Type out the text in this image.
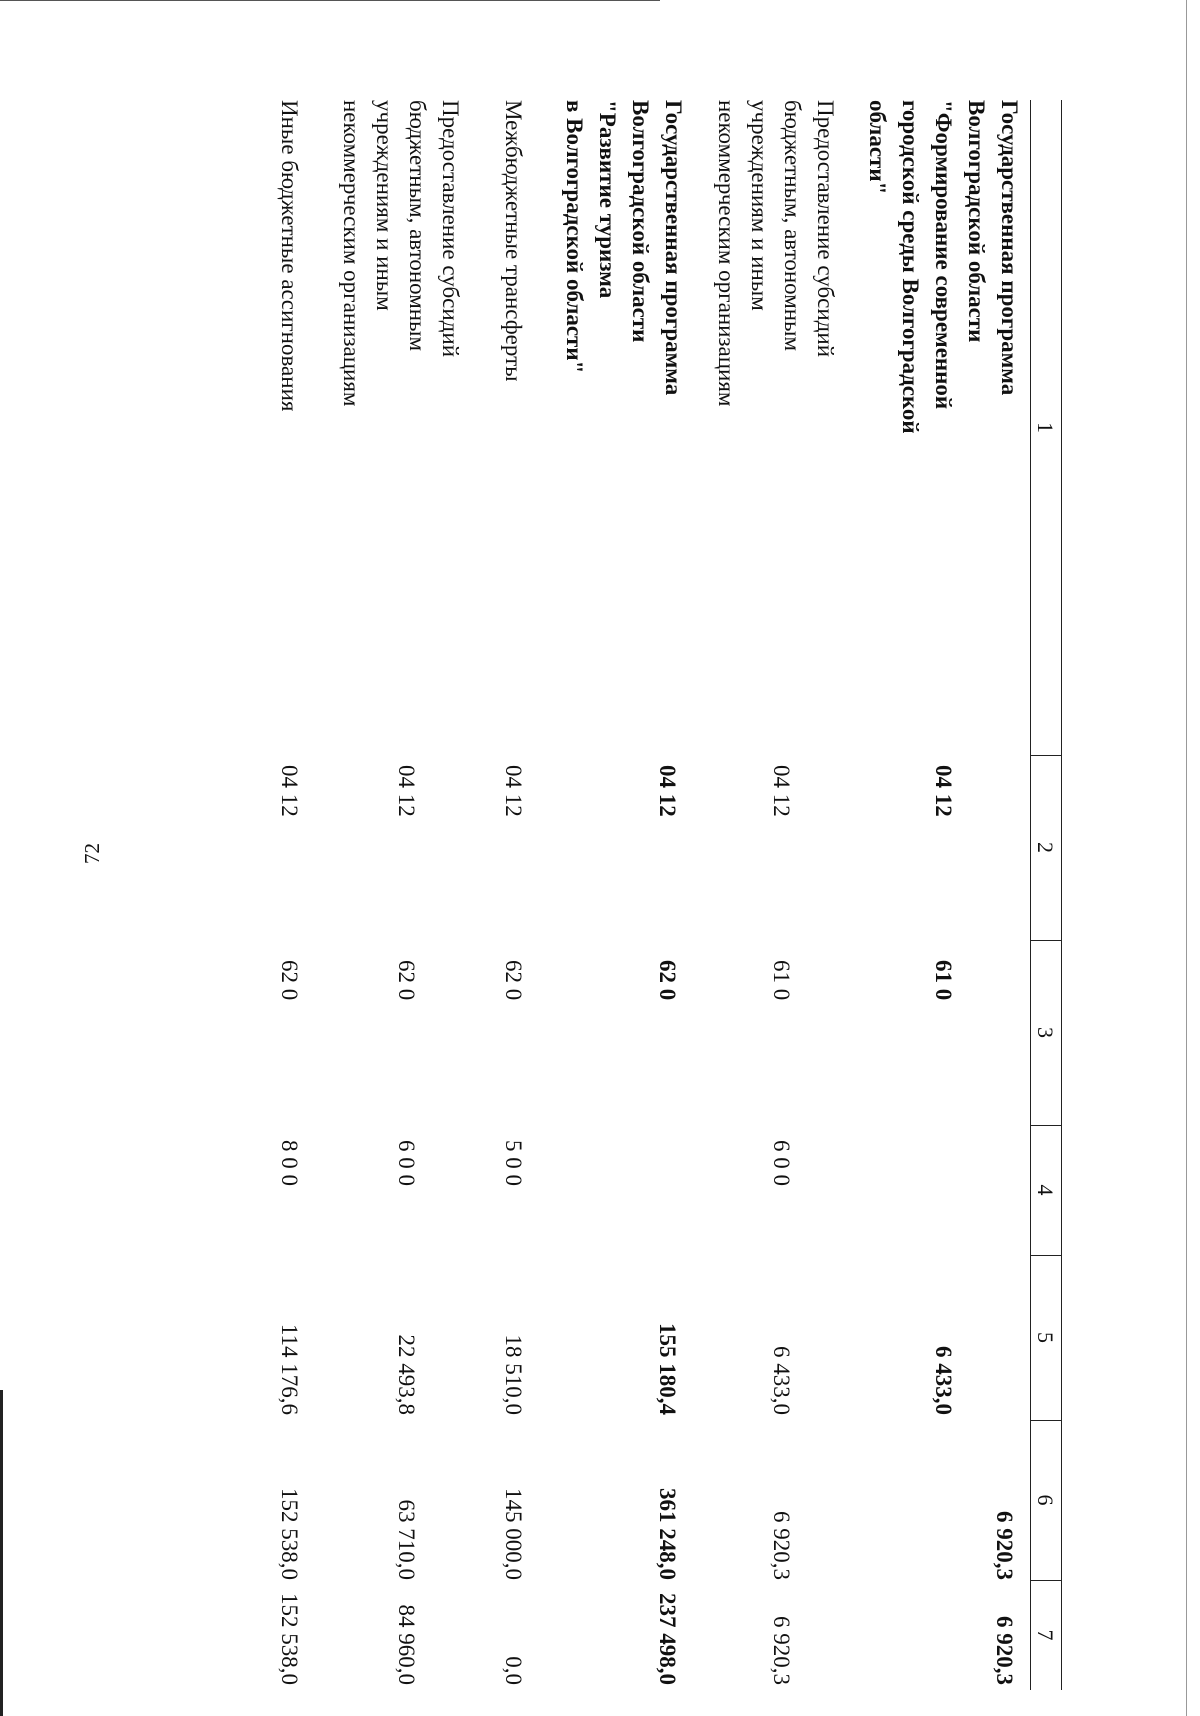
72
1
2
3
4
5
6
7
Государственная программа
Волгоградской области
"Формирование современной
городской среды Волгоградской
области"
04 12
61 0
6 433,0
6 920,3
6 920,3
Предоставление субсидий
бюджетным, автономным
учреждениям и иным
некоммерческим организациям
04 12
61 0
6 0 0
6 433,0
6 920,3
6 920,3
Государственная программа
Волгоградской области
"Развитие туризма
в Волгоградской области"
04 12
62 0
155 180,4
361 248,0
237 498,0
Межбюджетные трансферты
04 12
62 0
5 0 0
18 510,0
145 000,0
0,0
Предоставление субсидий
бюджетным, автономным
учреждениям и иным
некоммерческим организациям
04 12
62 0
6 0 0
22 493,8
63 710,0
84 960,0
Иные бюджетные ассигнования
04 12
62 0
8 0 0
114 176,6
152 538,0
152 538,0
